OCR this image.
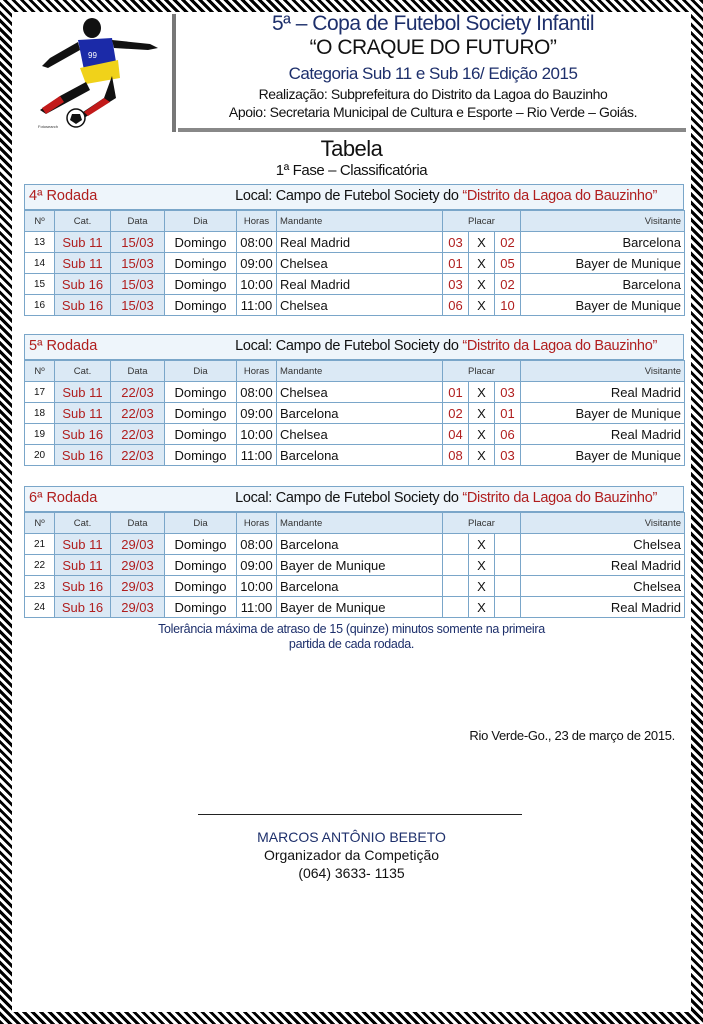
99
Fotosearch
5ª – Copa de Futebol Society Infantil
“O CRAQUE DO FUTURO”
Categoria Sub 11 e Sub 16/ Edição 2015
Realização: Subprefeitura do Distrito da Lagoa do Bauzinho
Apoio: Secretaria Municipal de Cultura e Esporte – Rio Verde – Goiás.
Tabela
1ª Fase – Classificatória
4ª Rodada	Local: Campo de Futebol Society do “Distrito da Lagoa do Bauzinho”
Nº	Cat.	Data	Dia	Horas	Mandante	Placar			Visitante
13	Sub 11	15/03	Domingo	08:00	Real Madrid	03	X	02	Barcelona
14	Sub 11	15/03	Domingo	09:00	Chelsea	01	X	05	Bayer de Munique
15	Sub 16	15/03	Domingo	10:00	Real Madrid	03	X	02	Barcelona
16	Sub 16	15/03	Domingo	11:00	Chelsea	06	X	10	Bayer de Munique
5ª Rodada	Local: Campo de Futebol Society do “Distrito da Lagoa do Bauzinho”
Nº	Cat.	Data	Dia	Horas	Mandante	Placar			Visitante
17	Sub 11	22/03	Domingo	08:00	Chelsea	01	X	03	Real Madrid
18	Sub 11	22/03	Domingo	09:00	Barcelona	02	X	01	Bayer de Munique
19	Sub 16	22/03	Domingo	10:00	Chelsea	04	X	06	Real Madrid
20	Sub 16	22/03	Domingo	11:00	Barcelona	08	X	03	Bayer de Munique
6ª Rodada	Local: Campo de Futebol Society do “Distrito da Lagoa do Bauzinho”
Nº	Cat.	Data	Dia	Horas	Mandante	Placar			Visitante
21	Sub 11	29/03	Domingo	08:00	Barcelona		X		Chelsea
22	Sub 11	29/03	Domingo	09:00	Bayer de Munique		X		Real Madrid
23	Sub 16	29/03	Domingo	10:00	Barcelona		X		Chelsea
24	Sub 16	29/03	Domingo	11:00	Bayer de Munique		X		Real Madrid
Tolerância máxima de atraso de 15 (quinze) minutos somente na primeira
partida de cada rodada.
Rio Verde-Go., 23 de março de 2015.
MARCOS ANTÔNIO BEBETO
Organizador da Competição
(064) 3633- 1135
